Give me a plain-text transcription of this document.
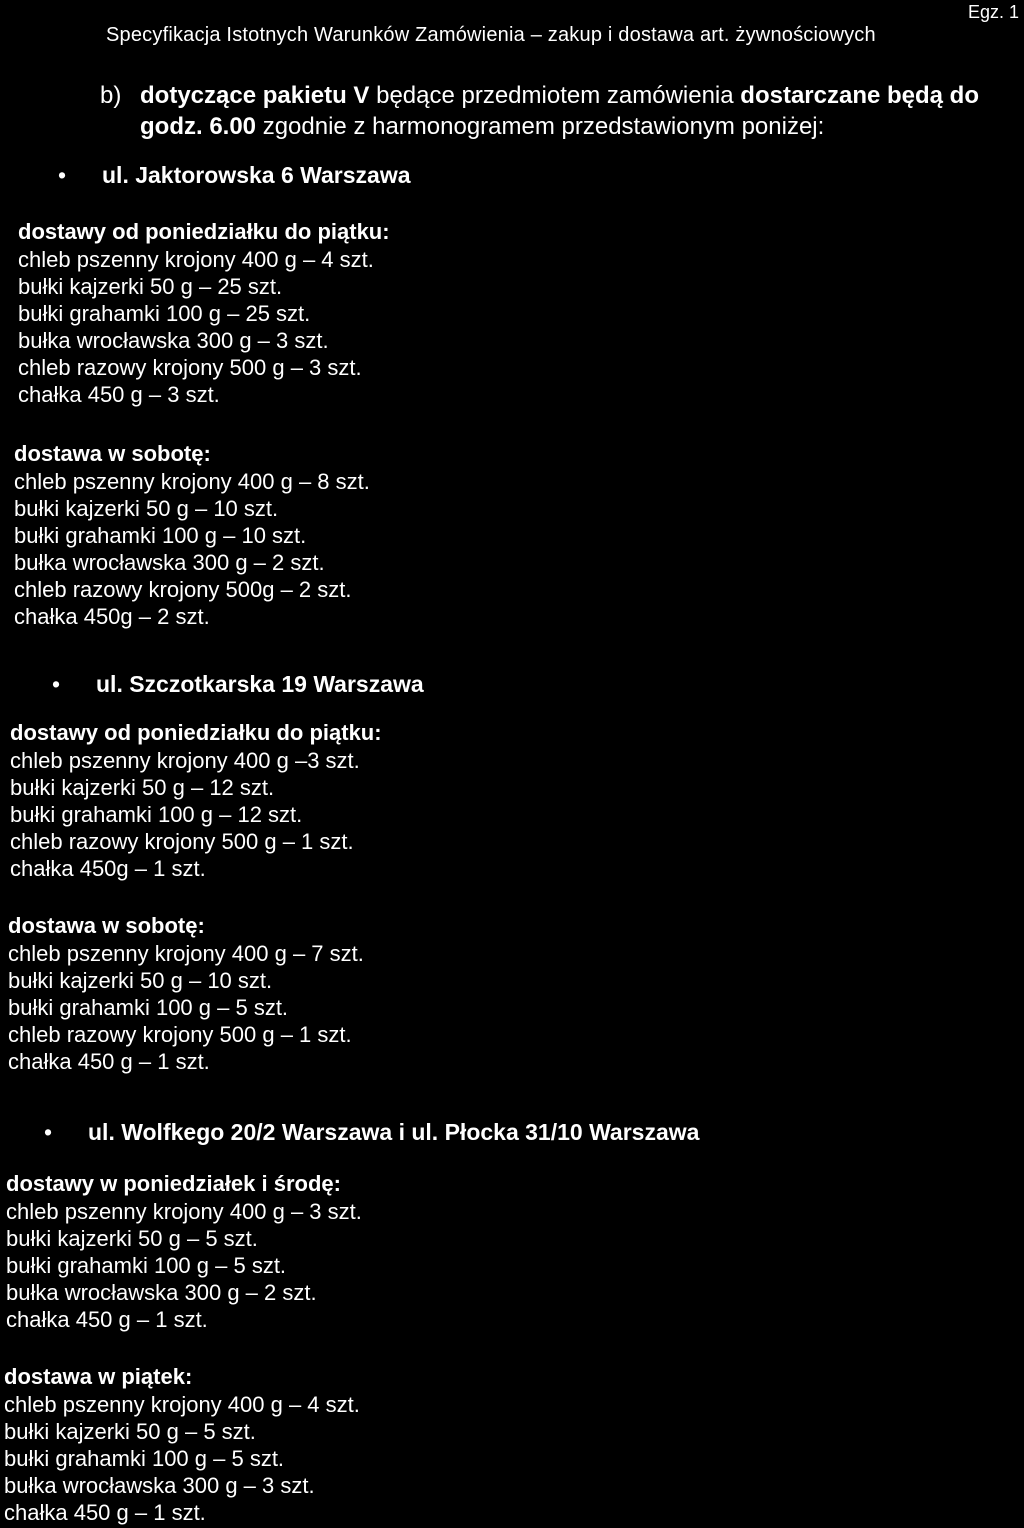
Specyfikacja Istotnych Warunków Zamówienia – zakup i dostawa art. żywnościowych
Egz. 1
b) dotyczące pakietu V będące przedmiotem zamówienia dostarczane będą do
godz. 6.00 zgodnie z harmonogramem przedstawionym poniżej:
• ul. Jaktorowska 6 Warszawa
dostawy od poniedziałku do piątku:
chleb pszenny krojony 400 g – 4 szt.
bułki kajzerki 50 g – 25 szt.
bułki grahamki 100 g – 25 szt.
bułka wrocławska 300 g – 3 szt.
chleb razowy krojony 500 g – 3 szt.
chałka 450 g – 3 szt.
dostawa w sobotę:
chleb pszenny krojony 400 g – 8 szt.
bułki kajzerki 50 g – 10 szt.
bułki grahamki 100 g – 10 szt.
bułka wrocławska 300 g – 2 szt.
chleb razowy krojony 500g – 2 szt.
chałka 450g – 2 szt.
• ul. Szczotkarska 19 Warszawa
dostawy od poniedziałku do piątku:
chleb pszenny krojony 400 g –3 szt.
bułki kajzerki 50 g – 12 szt.
bułki grahamki 100 g – 12 szt.
chleb razowy krojony 500 g – 1 szt.
chałka 450g – 1 szt.
dostawa w sobotę:
chleb pszenny krojony 400 g – 7 szt.
bułki kajzerki 50 g – 10 szt.
bułki grahamki 100 g – 5 szt.
chleb razowy krojony 500 g – 1 szt.
chałka 450 g – 1 szt.
• ul. Wolfkego 20/2 Warszawa i ul. Płocka 31/10 Warszawa
dostawy w poniedziałek i środę:
chleb pszenny krojony 400 g – 3 szt.
bułki kajzerki 50 g – 5 szt.
bułki grahamki 100 g – 5 szt.
bułka wrocławska 300 g – 2 szt.
chałka 450 g – 1 szt.
dostawa w piątek:
chleb pszenny krojony 400 g – 4 szt.
bułki kajzerki 50 g – 5 szt.
bułki grahamki 100 g – 5 szt.
bułka wrocławska 300 g – 3 szt.
chałka 450 g – 1 szt.
